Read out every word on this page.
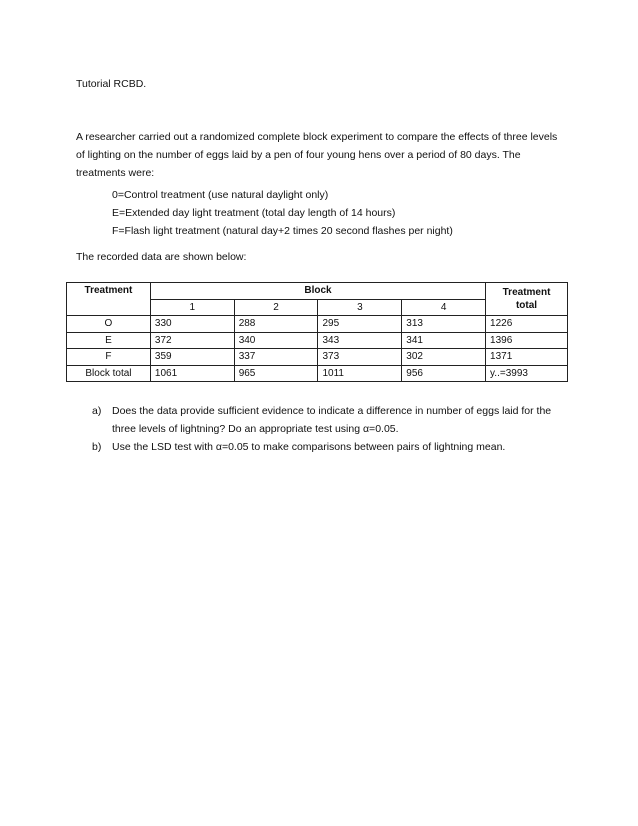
Tutorial RCBD.
A researcher carried out a randomized complete block experiment to compare the effects of three levels of lighting on the number of eggs laid by a pen of four young hens over a period of 80 days. The treatments were:
0=Control treatment (use natural daylight only)
E=Extended day light treatment (total day length of 14 hours)
F=Flash light treatment (natural day+2 times 20 second flashes per night)
The recorded data are shown below:
Treatment	Block				Treatment
total
	1	2	3	4	
O	330	288	295	313	1226
E	372	340	343	341	1396
F	359	337	373	302	1371
Block total	1061	965	1011	956	y..=3993
a)	Does the data provide sufficient evidence to indicate a difference in number of eggs laid for the three levels of lightning? Do an appropriate test using α=0.05.
b)	Use the LSD test with α=0.05 to make comparisons between pairs of lightning mean.
